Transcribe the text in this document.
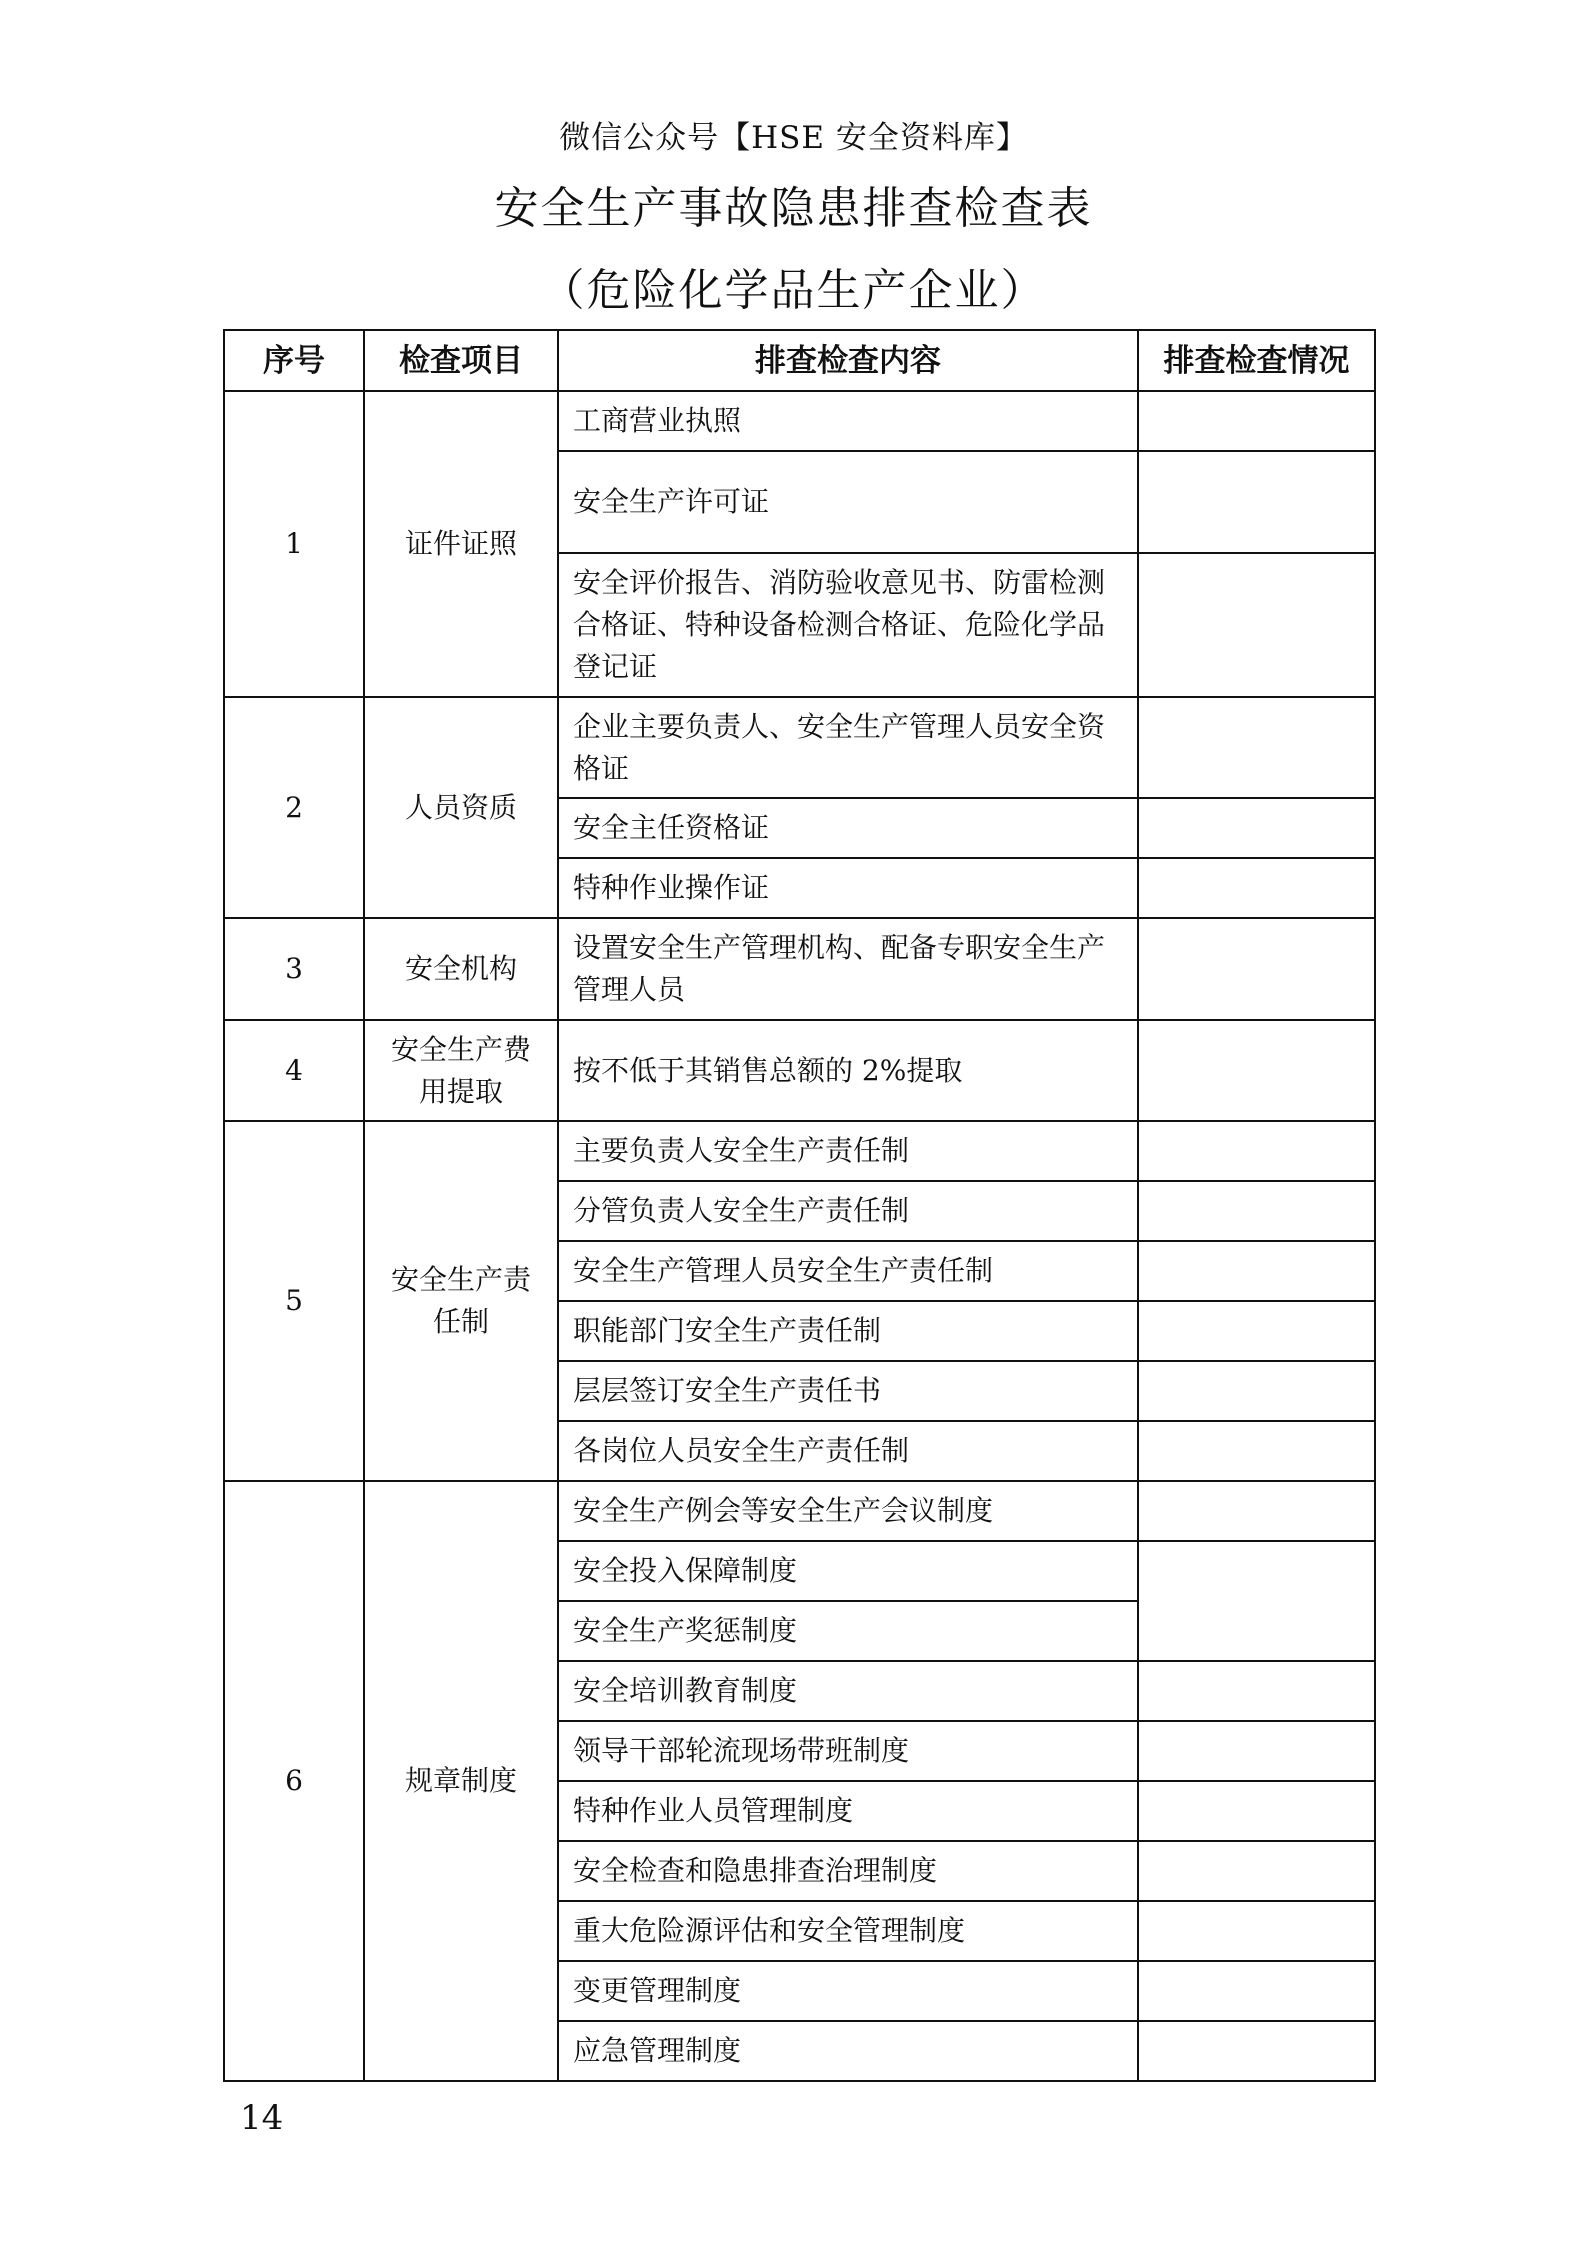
微信公众号【HSE 安全资料库】
安全生产事故隐患排查检查表
（危险化学品生产企业）
序号	检查项目	排查检查内容	排查检查情况
1	证件证照	工商营业执照	
		安全生产许可证	
		安全评价报告、消防验收意见书、防雷检测合格证、特种设备检测合格证、危险化学品登记证	
2	人员资质	企业主要负责人、安全生产管理人员安全资格证	
		安全主任资格证	
		特种作业操作证	
3	安全机构	设置安全生产管理机构、配备专职安全生产管理人员	
4	安全生产费用提取	按不低于其销售总额的 2%提取	
5	安全生产责任制	主要负责人安全生产责任制	
		分管负责人安全生产责任制	
		安全生产管理人员安全生产责任制	
		职能部门安全生产责任制	
		层层签订安全生产责任书	
		各岗位人员安全生产责任制	
6	规章制度	安全生产例会等安全生产会议制度	
		安全投入保障制度	
		安全生产奖惩制度	
		安全培训教育制度	
		领导干部轮流现场带班制度	
		特种作业人员管理制度	
		安全检查和隐患排查治理制度	
		重大危险源评估和安全管理制度	
		变更管理制度	
		应急管理制度	
14
